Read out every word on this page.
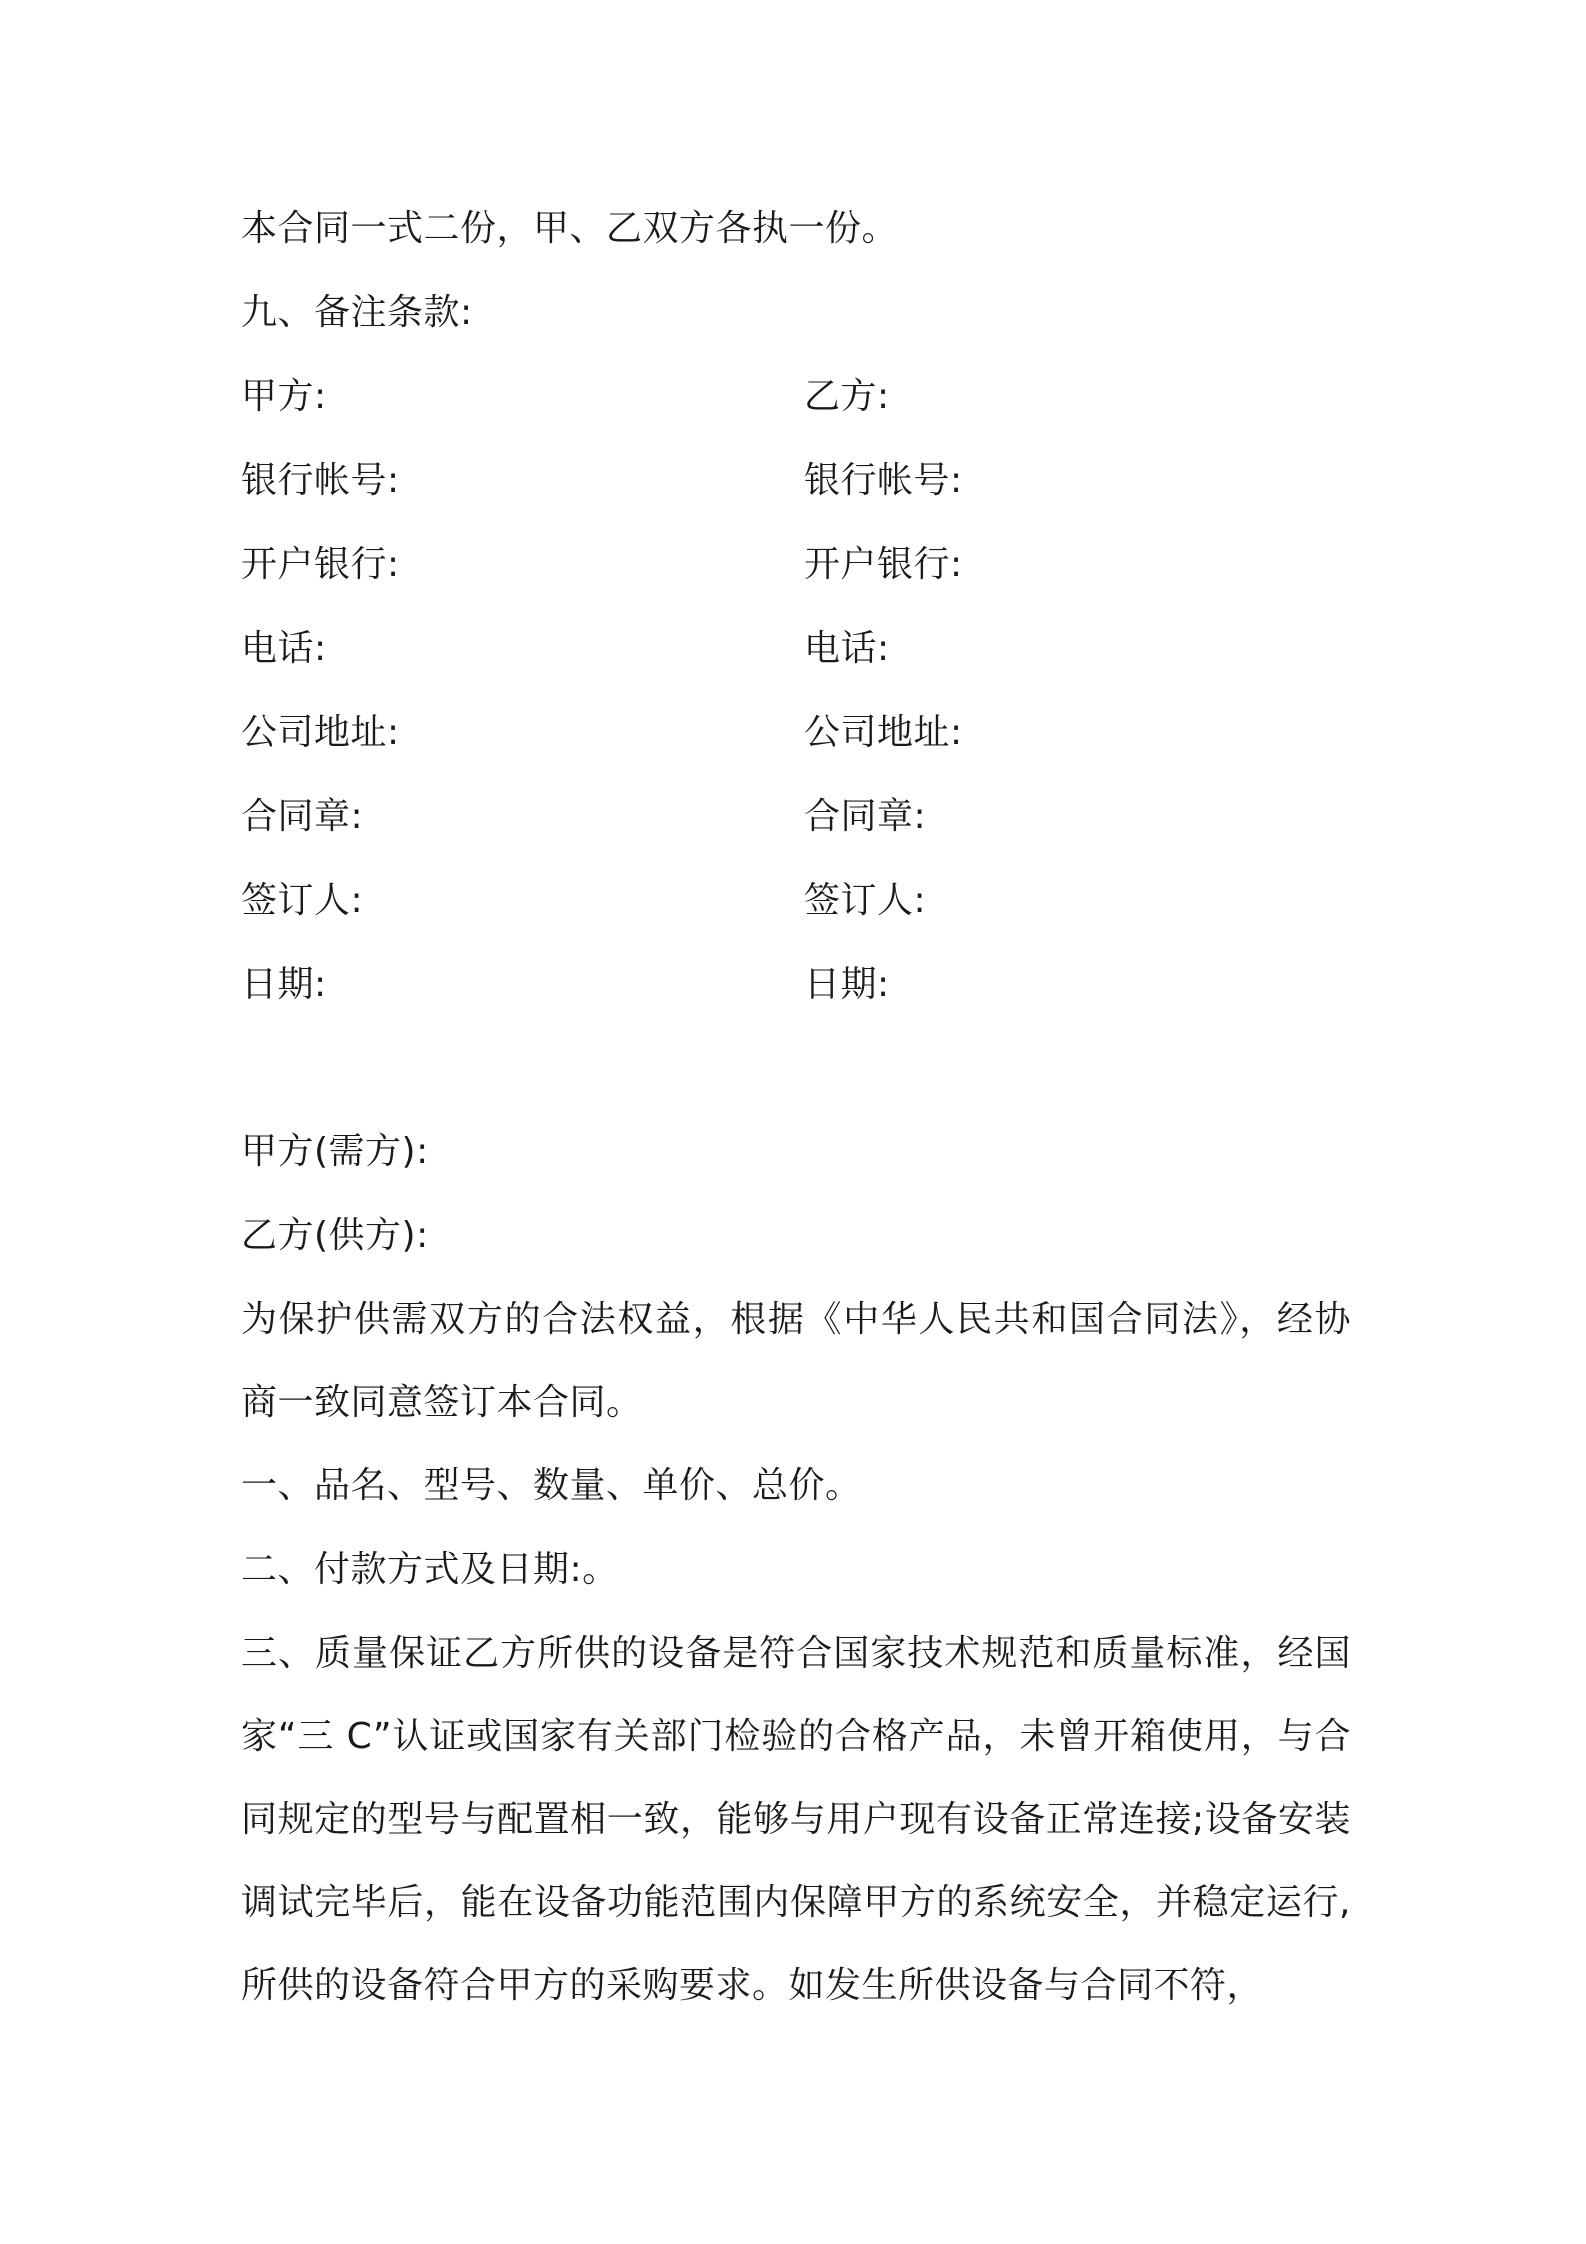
本合同一式二份，甲、乙双方各执一份。
九、备注条款:
甲方:
银行帐号:
开户银行:
电话:
公司地址:
合同章:
签订人:
日期:
乙方:
银行帐号:
开户银行:
电话:
公司地址:
合同章:
签订人:
日期:
甲方(需方):
乙方(供方):
为保护供需双方的合法权益，根据《中华人民共和国合同法》，经协商一致同意签订本合同。
一、品名、型号、数量、单价、总价。
二、付款方式及日期:。
三、质量保证乙方所供的设备是符合国家技术规范和质量标准，经国家“三 C”认证或国家有关部门检验的合格产品，未曾开箱使用，与合同规定的型号与配置相一致，能够与用户现有设备正常连接;设备安装调试完毕后，能在设备功能范围内保障甲方的系统安全，并稳定运行,所供的设备符合甲方的采购要求。如发生所供设备与合同不符，
